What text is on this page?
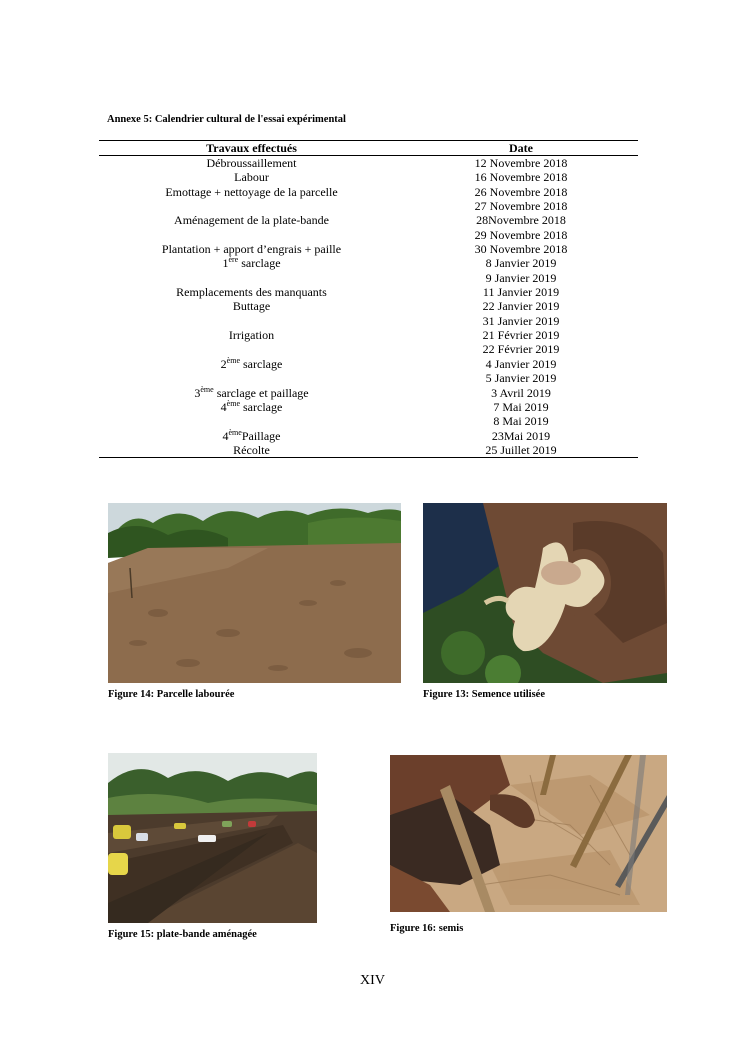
Annexe 5: Calendrier cultural de l'essai expérimental
Travaux effectués	Date
Débroussaillement	12 Novembre 2018
Labour	16 Novembre 2018
Emottage + nettoyage de la parcelle	26 Novembre 2018
	27 Novembre 2018
Aménagement de la plate-bande	28Novembre 2018
	29 Novembre 2018
Plantation + apport d’engrais + paille	30 Novembre 2018
1ère sarclage	8 Janvier 2019
	9 Janvier 2019
Remplacements des manquants	11 Janvier 2019
Buttage	22 Janvier 2019
	31 Janvier 2019
Irrigation	21 Février 2019
	22 Février 2019
2ème sarclage	4 Janvier 2019
	5 Janvier 2019
3ème sarclage et paillage	3 Avril 2019
4ème sarclage	7 Mai 2019
	8 Mai 2019
4èmePaillage	23Mai 2019
Récolte	25 Juillet 2019
Figure 14: Parcelle labourée	Figure 13: Semence utilisée
Figure 15: plate-bande aménagée
Figure 16: semis
XIV
